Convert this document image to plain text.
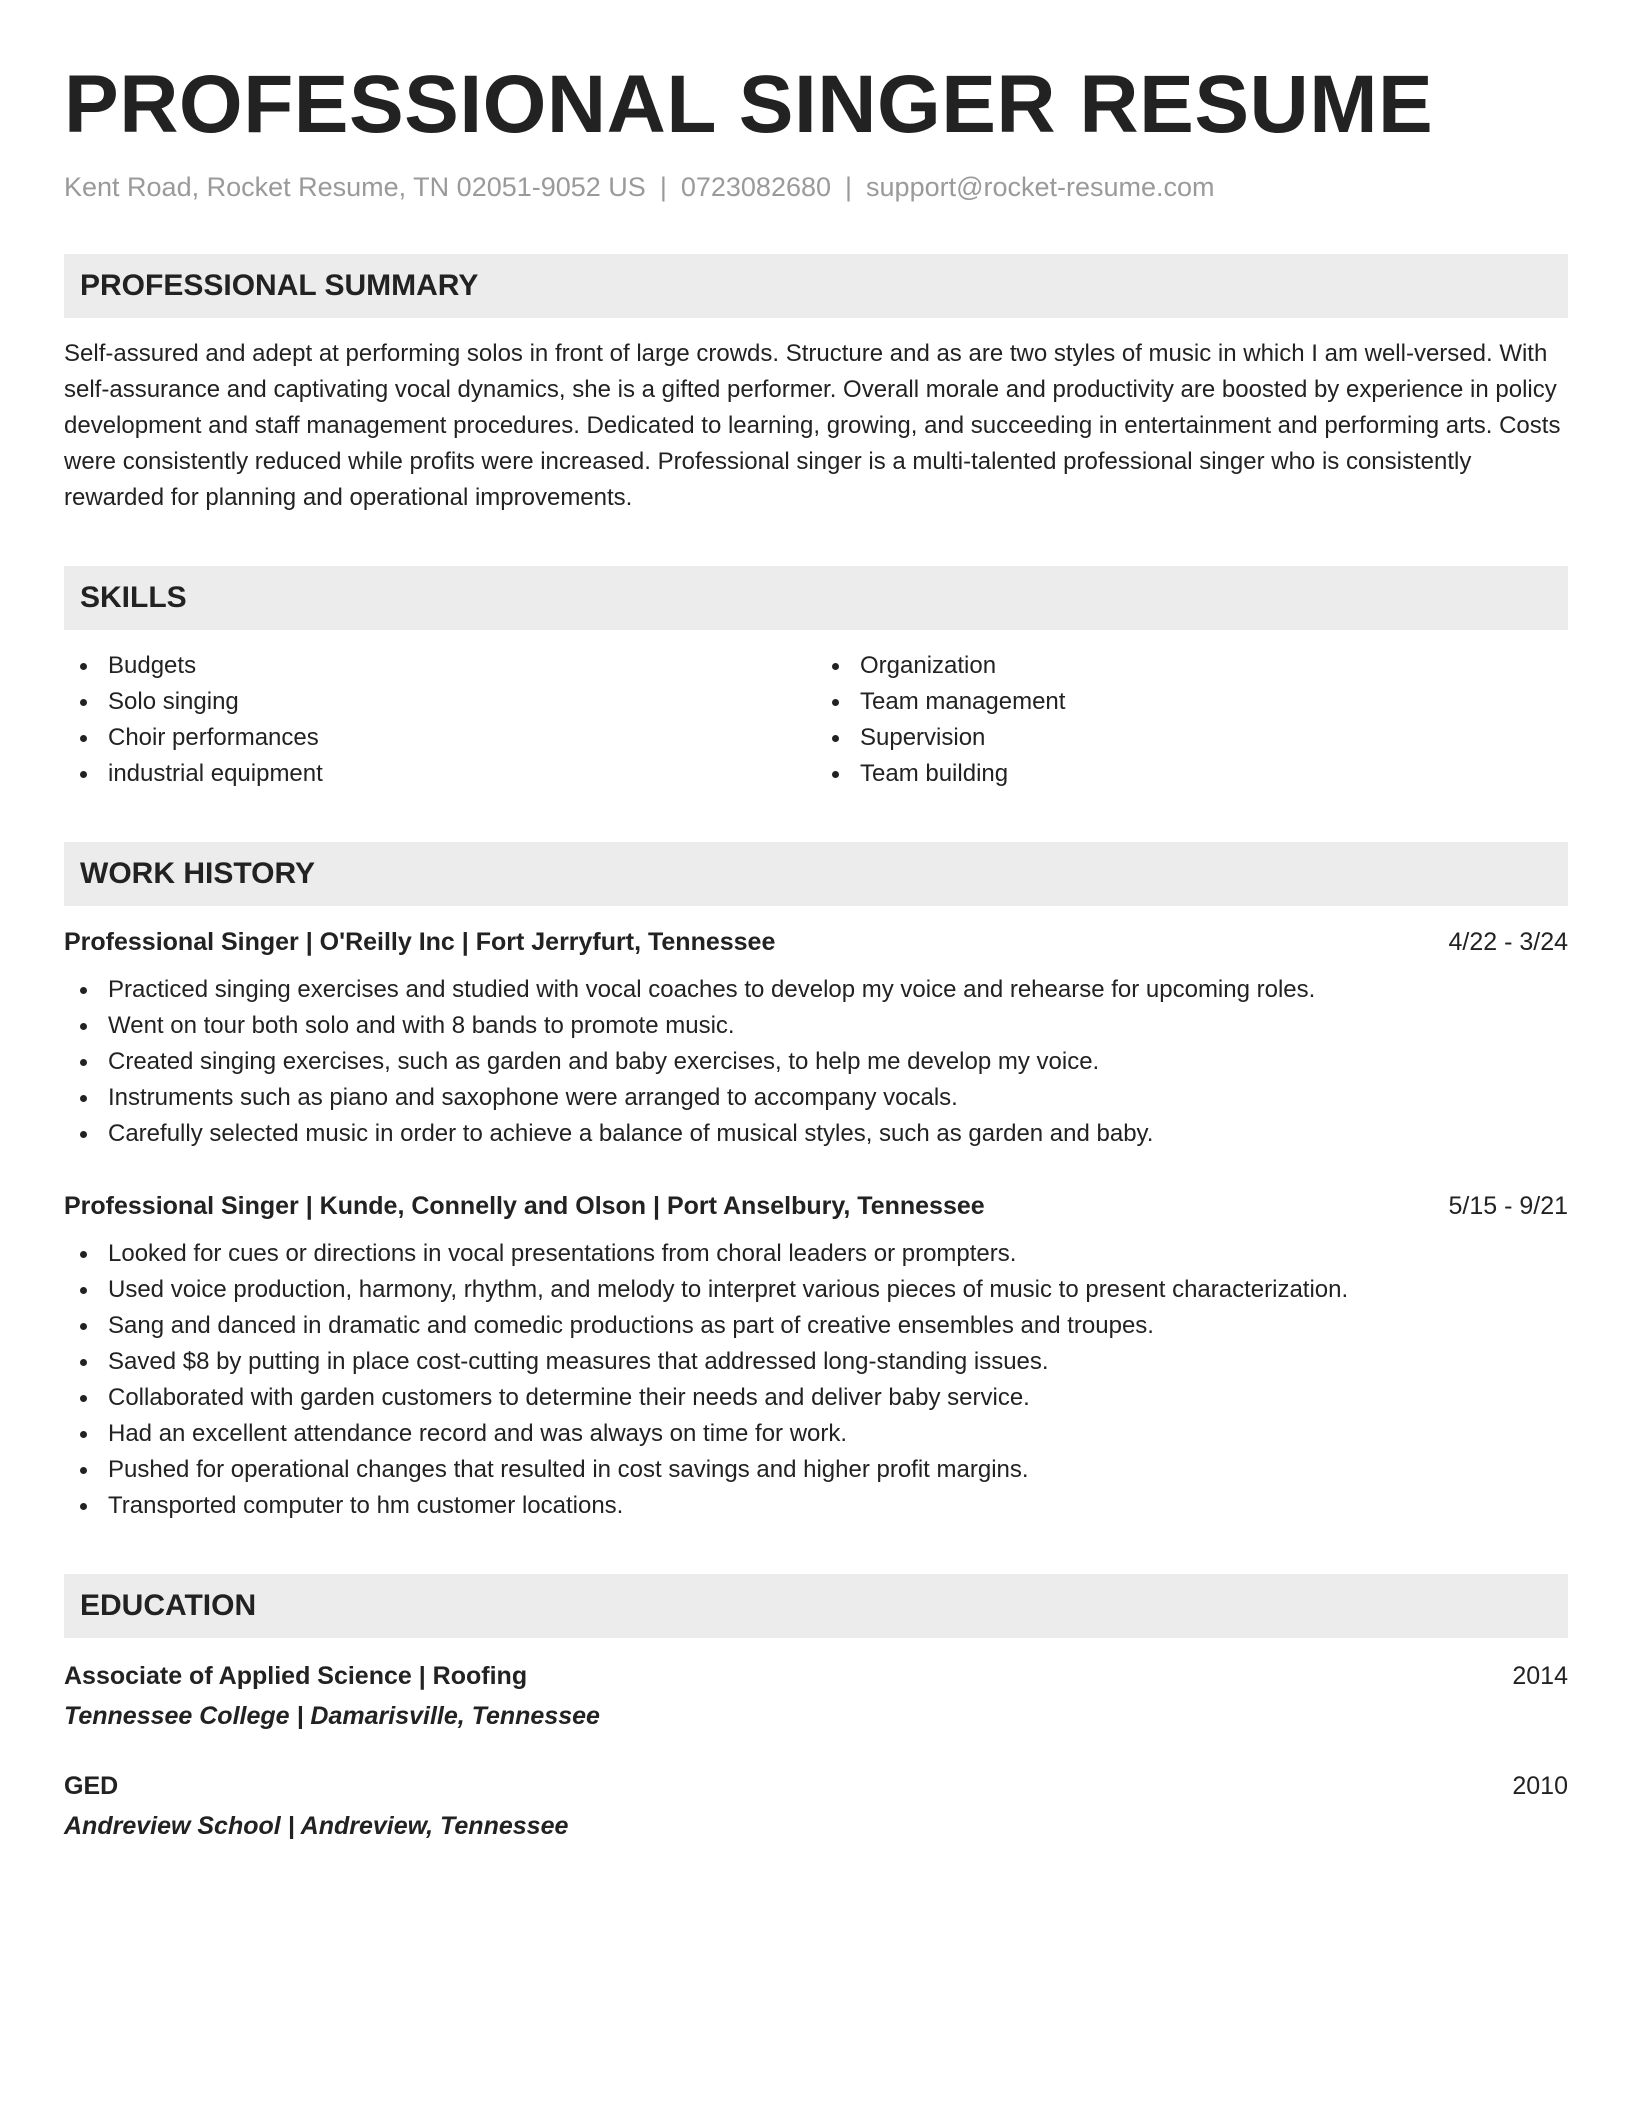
PROFESSIONAL SINGER RESUME
Kent Road, Rocket Resume, TN 02051-9052 US | 0723082680 | support@rocket-resume.com
PROFESSIONAL SUMMARY
Self-assured and adept at performing solos in front of large crowds. Structure and as are two styles of music in which I am well-versed. With self-assurance and captivating vocal dynamics, she is a gifted performer. Overall morale and productivity are boosted by experience in policy development and staff management procedures. Dedicated to learning, growing, and succeeding in entertainment and performing arts. Costs were consistently reduced while profits were increased. Professional singer is a multi-talented professional singer who is consistently rewarded for planning and operational improvements.
SKILLS
Budgets
Solo singing
Choir performances
industrial equipment
Organization
Team management
Supervision
Team building
WORK HISTORY
Professional Singer | O'Reilly Inc | Fort Jerryfurt, Tennessee	4/22 - 3/24
Practiced singing exercises and studied with vocal coaches to develop my voice and rehearse for upcoming roles.
Went on tour both solo and with 8 bands to promote music.
Created singing exercises, such as garden and baby exercises, to help me develop my voice.
Instruments such as piano and saxophone were arranged to accompany vocals.
Carefully selected music in order to achieve a balance of musical styles, such as garden and baby.
Professional Singer | Kunde, Connelly and Olson | Port Anselbury, Tennessee	5/15 - 9/21
Looked for cues or directions in vocal presentations from choral leaders or prompters.
Used voice production, harmony, rhythm, and melody to interpret various pieces of music to present characterization.
Sang and danced in dramatic and comedic productions as part of creative ensembles and troupes.
Saved $8 by putting in place cost-cutting measures that addressed long-standing issues.
Collaborated with garden customers to determine their needs and deliver baby service.
Had an excellent attendance record and was always on time for work.
Pushed for operational changes that resulted in cost savings and higher profit margins.
Transported computer to hm customer locations.
EDUCATION
Associate of Applied Science | Roofing	2014
Tennessee College | Damarisville, Tennessee
GED	2010
Andreview School | Andreview, Tennessee
